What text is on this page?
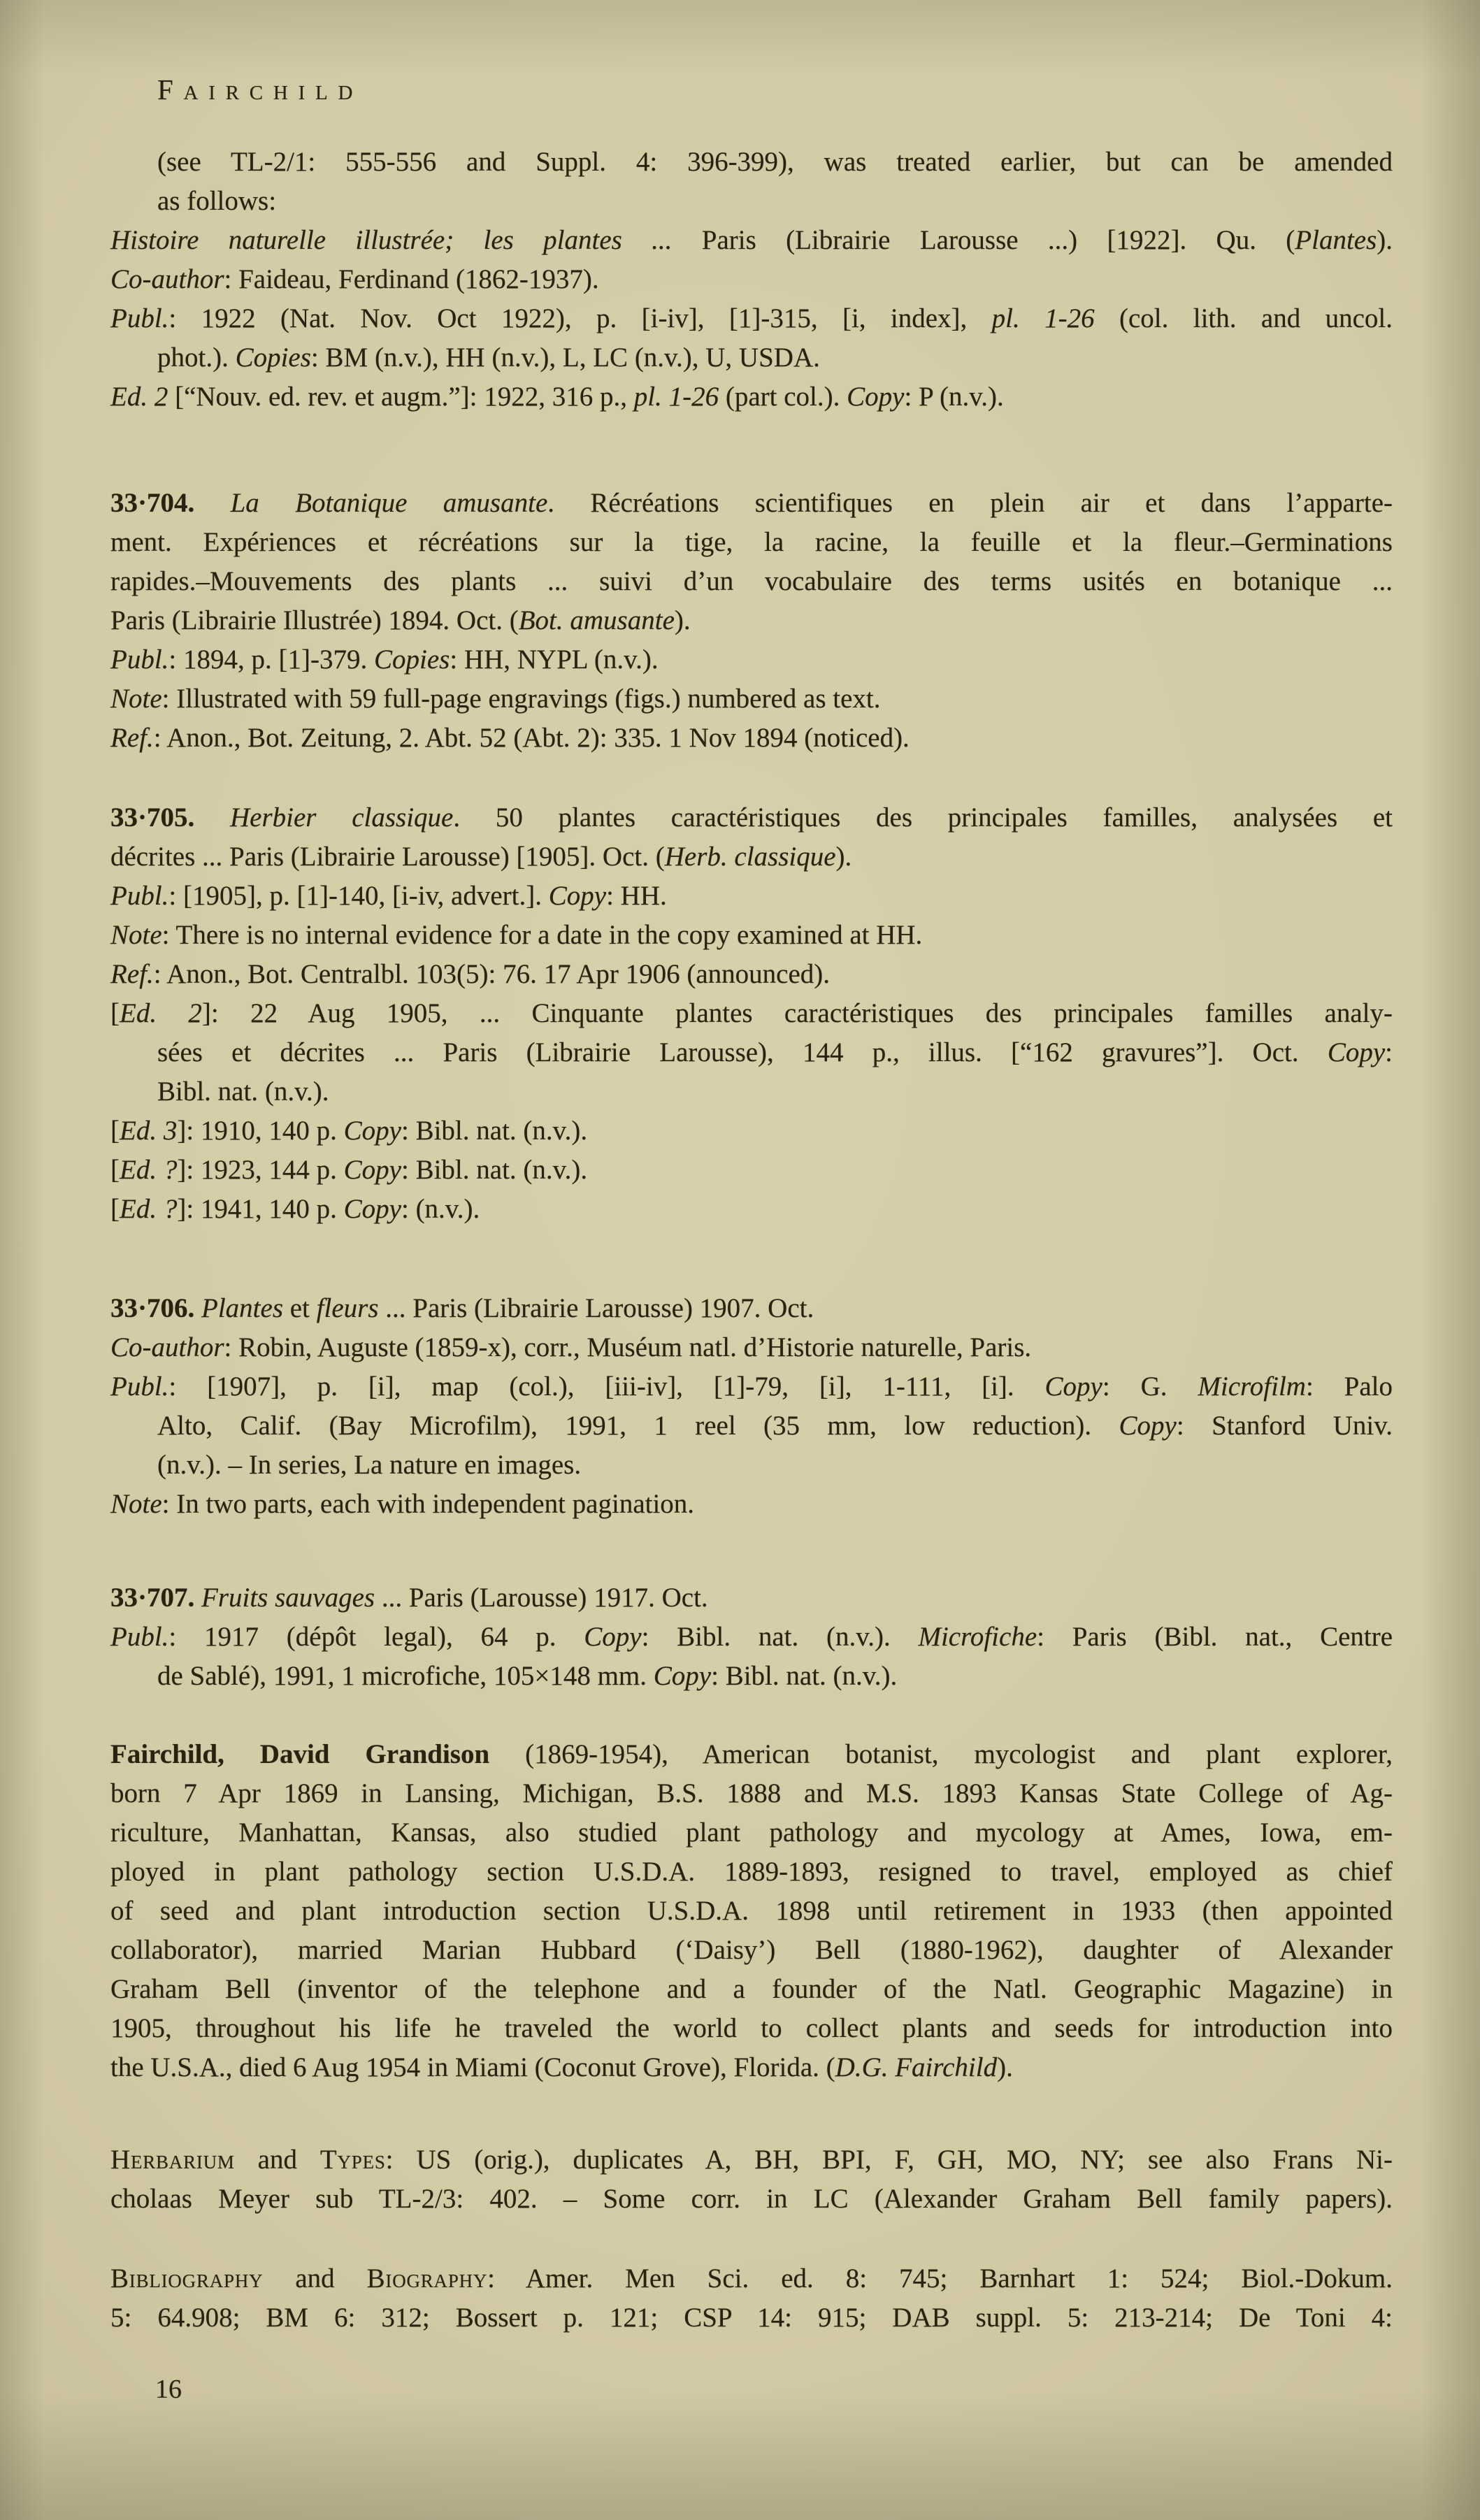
Fairchild
(see TL-2/1: 555-556 and Suppl. 4: 396-399), was treated earlier, but can be amended
as follows:
Histoire naturelle illustrée; les plantes ... Paris (Librairie Larousse ...) [1922]. Qu. (Plantes).
Co-author: Faideau, Ferdinand (1862-1937).
Publ.: 1922 (Nat. Nov. Oct 1922), p. [i-iv], [1]-315, [i, index], pl. 1-26 (col. lith. and uncol.
phot.). Copies: BM (n.v.), HH (n.v.), L, LC (n.v.), U, USDA.
Ed. 2 [“Nouv. ed. rev. et augm.”]: 1922, 316 p., pl. 1-26 (part col.). Copy: P (n.v.).
33·704. La Botanique amusante. Récréations scientifiques en plein air et dans l’apparte-
ment. Expériences et récréations sur la tige, la racine, la feuille et la fleur.–Germinations
rapides.–Mouvements des plants ... suivi d’un vocabulaire des terms usités en botanique ...
Paris (Librairie Illustrée) 1894. Oct. (Bot. amusante).
Publ.: 1894, p. [1]-379. Copies: HH, NYPL (n.v.).
Note: Illustrated with 59 full-page engravings (figs.) numbered as text.
Ref.: Anon., Bot. Zeitung, 2. Abt. 52 (Abt. 2): 335. 1 Nov 1894 (noticed).
33·705. Herbier classique. 50 plantes caractéristiques des principales familles, analysées et
décrites ... Paris (Librairie Larousse) [1905]. Oct. (Herb. classique).
Publ.: [1905], p. [1]-140, [i-iv, advert.]. Copy: HH.
Note: There is no internal evidence for a date in the copy examined at HH.
Ref.: Anon., Bot. Centralbl. 103(5): 76. 17 Apr 1906 (announced).
[Ed. 2]: 22 Aug 1905, ... Cinquante plantes caractéristiques des principales familles analy-
sées et décrites ... Paris (Librairie Larousse), 144 p., illus. [“162 gravures”]. Oct. Copy:
Bibl. nat. (n.v.).
[Ed. 3]: 1910, 140 p. Copy: Bibl. nat. (n.v.).
[Ed. ?]: 1923, 144 p. Copy: Bibl. nat. (n.v.).
[Ed. ?]: 1941, 140 p. Copy: (n.v.).
33·706. Plantes et fleurs ... Paris (Librairie Larousse) 1907. Oct.
Co-author: Robin, Auguste (1859-x), corr., Muséum natl. d’Historie naturelle, Paris.
Publ.: [1907], p. [i], map (col.), [iii-iv], [1]-79, [i], 1-111, [i]. Copy: G. Microfilm: Palo
Alto, Calif. (Bay Microfilm), 1991, 1 reel (35 mm, low reduction). Copy: Stanford Univ.
(n.v.). – In series, La nature en images.
Note: In two parts, each with independent pagination.
33·707. Fruits sauvages ... Paris (Larousse) 1917. Oct.
Publ.: 1917 (dépôt legal), 64 p. Copy: Bibl. nat. (n.v.). Microfiche: Paris (Bibl. nat., Centre
de Sablé), 1991, 1 microfiche, 105×148 mm. Copy: Bibl. nat. (n.v.).
Fairchild, David Grandison (1869-1954), American botanist, mycologist and plant explorer,
born 7 Apr 1869 in Lansing, Michigan, B.S. 1888 and M.S. 1893 Kansas State College of Ag-
riculture, Manhattan, Kansas, also studied plant pathology and mycology at Ames, Iowa, em-
ployed in plant pathology section U.S.D.A. 1889-1893, resigned to travel, employed as chief
of seed and plant introduction section U.S.D.A. 1898 until retirement in 1933 (then appointed
collaborator), married Marian Hubbard (‘Daisy’) Bell (1880-1962), daughter of Alexander
Graham Bell (inventor of the telephone and a founder of the Natl. Geographic Magazine) in
1905, throughout his life he traveled the world to collect plants and seeds for introduction into
the U.S.A., died 6 Aug 1954 in Miami (Coconut Grove), Florida. (D.G. Fairchild).
Herbarium and Types: US (orig.), duplicates A, BH, BPI, F, GH, MO, NY; see also Frans Ni-
cholaas Meyer sub TL-2/3: 402. – Some corr. in LC (Alexander Graham Bell family papers).
Bibliography and Biography: Amer. Men Sci. ed. 8: 745; Barnhart 1: 524; Biol.-Dokum.
5: 64.908; BM 6: 312; Bossert p. 121; CSP 14: 915; DAB suppl. 5: 213-214; De Toni 4:
16
